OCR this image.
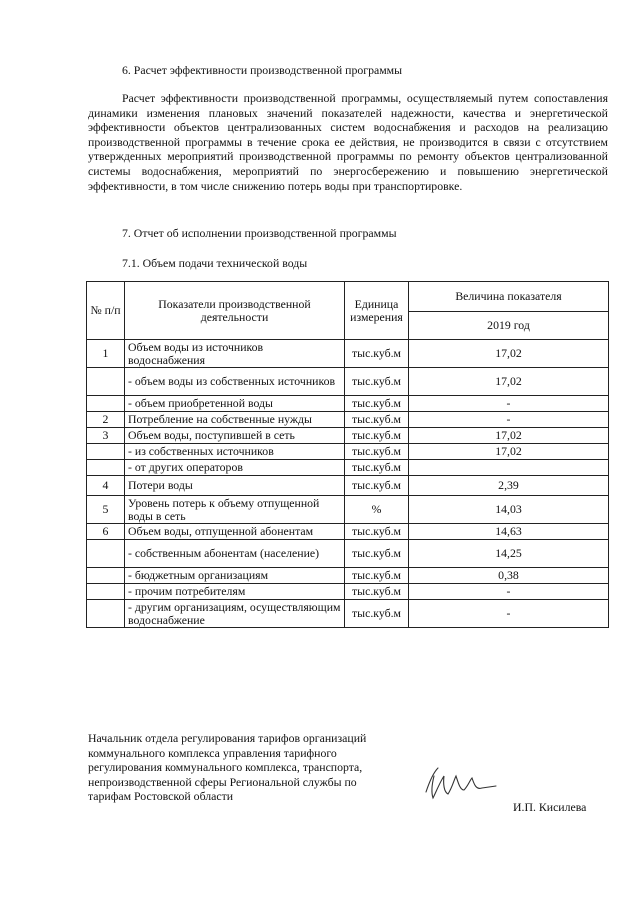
6. Расчет эффективности производственной программы
Расчет эффективности производственной программы, осуществляемый путем сопоставления динамики изменения плановых значений показателей надежности, качества и энергетической эффективности объектов централизованных систем водоснабжения и расходов на реализацию производственной программы в течение срока ее действия, не производится в связи с отсутствием утвержденных мероприятий производственной программы по ремонту объектов централизованной системы водоснабжения, мероприятий по энергосбережению и повышению энергетической эффективности, в том числе снижению потерь воды при транспортировке.
7. Отчет об исполнении производственной программы
7.1. Объем подачи технической воды
№ п/п	Показатели производственной деятельности	Единица измерения	Величина показателя
			2019 год
1	Объем воды из источников водоснабжения	тыс.куб.м	17,02
	- объем воды из собственных источников	тыс.куб.м	17,02
	- объем приобретенной воды	тыс.куб.м	-
2	Потребление на собственные нужды	тыс.куб.м	-
3	Объем воды, поступившей в сеть	тыс.куб.м	17,02
	- из собственных источников	тыс.куб.м	17,02
	- от других операторов	тыс.куб.м	
4	Потери воды	тыс.куб.м	2,39
5	Уровень потерь к объему отпущенной воды в сеть	%	14,03
6	Объем воды, отпущенной абонентам	тыс.куб.м	14,63
	- собственным абонентам (население)	тыс.куб.м	14,25
	- бюджетным организациям	тыс.куб.м	0,38
	- прочим потребителям	тыс.куб.м	-
	- другим организациям, осуществляющим водоснабжение	тыс.куб.м	-
Начальник отдела регулирования тарифов организаций
коммунального комплекса управления тарифного
регулирования коммунального комплекса, транспорта,
непроизводственной сферы Региональной службы по
тарифам Ростовской области
И.П. Кисилева
